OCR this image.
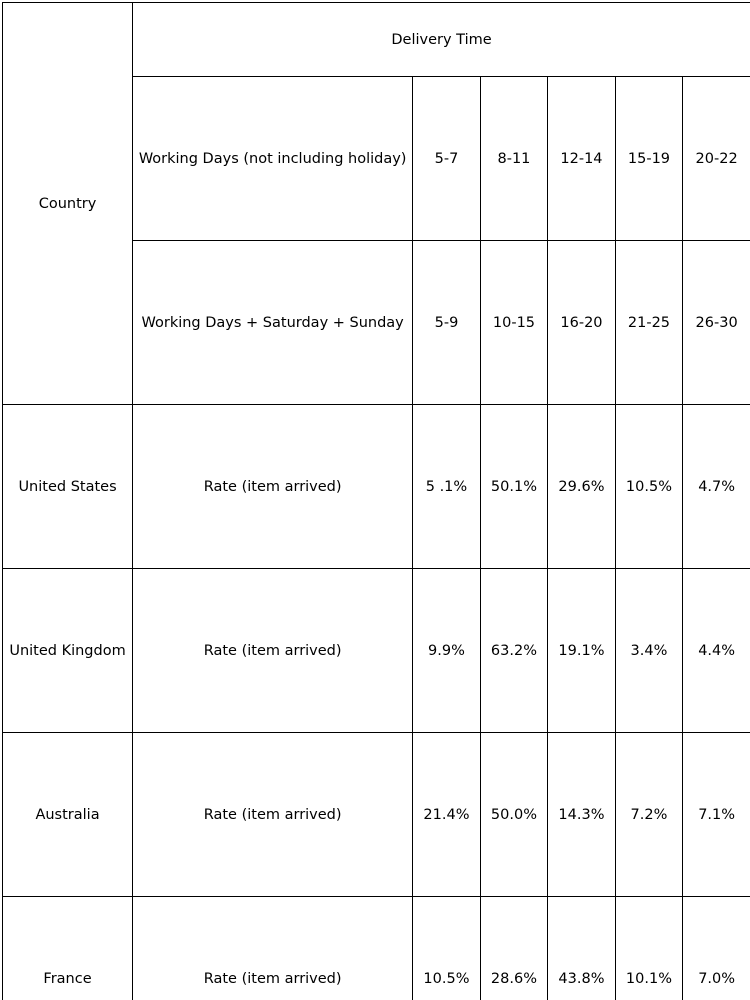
Country	Delivery Time					
	Working Days (not including holiday)	5-7	8-11	12-14	15-19	20-22
	Working Days + Saturday + Sunday	5-9	10-15	16-20	21-25	26-30
United States	Rate (item arrived)	5 .1%	50.1%	29.6%	10.5%	4.7%
United Kingdom	Rate (item arrived)	9.9%	63.2%	19.1%	3.4%	4.4%
Australia	Rate (item arrived)	21.4%	50.0%	14.3%	7.2%	7.1%
France	Rate (item arrived)	10.5%	28.6%	43.8%	10.1%	7.0%
